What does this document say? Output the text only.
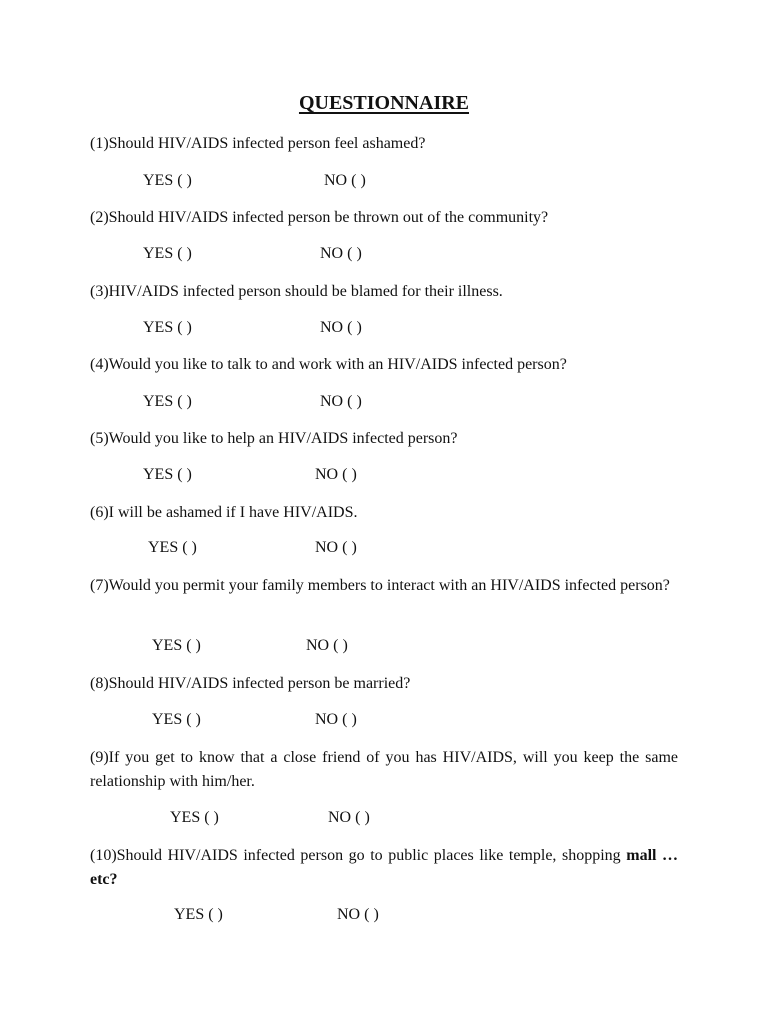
QUESTIONNAIRE
(1)Should HIV/AIDS infected person feel ashamed?
YES ( )	NO ( )
(2)Should HIV/AIDS infected person be thrown out of the community?
YES ( )	NO ( )
(3)HIV/AIDS infected person should be blamed for their illness.
YES ( )	NO ( )
(4)Would you like to talk to and work with an HIV/AIDS infected person?
YES ( )	NO ( )
(5)Would you like to help an HIV/AIDS infected person?
YES ( )	NO ( )
(6)I will be ashamed if I have HIV/AIDS.
YES ( )	NO ( )
(7)Would you permit your family members to interact with an HIV/AIDS infected person?
YES ( )	NO ( )
(8)Should HIV/AIDS infected person be married?
YES ( )	NO ( )
(9)If you get to know that a close friend of you has HIV/AIDS, will you keep the same relationship with him/her.
YES ( )	NO ( )
(10)Should HIV/AIDS infected person go to public places like temple, shopping mall …etc?
YES ( )	NO ( )
